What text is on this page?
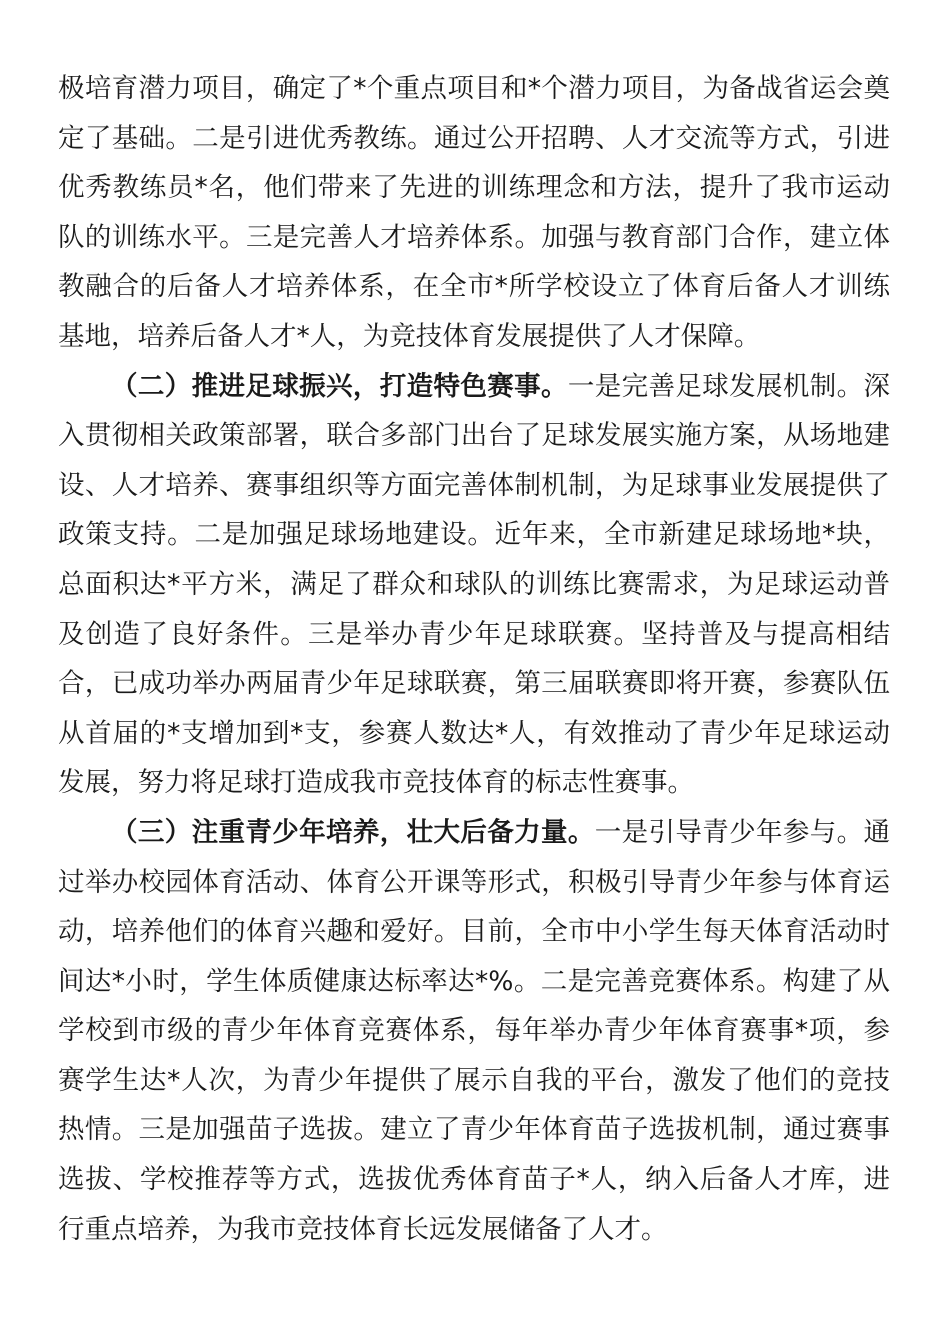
极培育潜力项目，确定了*个重点项目和*个潜力项目，为备战省运会奠定了基础。二是引进优秀教练。通过公开招聘、人才交流等方式，引进优秀教练员*名，他们带来了先进的训练理念和方法，提升了我市运动队的训练水平。三是完善人才培养体系。加强与教育部门合作，建立体教融合的后备人才培养体系，在全市*所学校设立了体育后备人才训练基地，培养后备人才*人，为竞技体育发展提供了人才保障。

（二）推进足球振兴，打造特色赛事。一是完善足球发展机制。深入贯彻相关政策部署，联合多部门出台了足球发展实施方案，从场地建设、人才培养、赛事组织等方面完善体制机制，为足球事业发展提供了政策支持。二是加强足球场地建设。近年来，全市新建足球场地*块，总面积达*平方米，满足了群众和球队的训练比赛需求，为足球运动普及创造了良好条件。三是举办青少年足球联赛。坚持普及与提高相结合，已成功举办两届青少年足球联赛，第三届联赛即将开赛，参赛队伍从首届的*支增加到*支，参赛人数达*人，有效推动了青少年足球运动发展，努力将足球打造成我市竞技体育的标志性赛事。

（三）注重青少年培养，壮大后备力量。一是引导青少年参与。通过举办校园体育活动、体育公开课等形式，积极引导青少年参与体育运动，培养他们的体育兴趣和爱好。目前，全市中小学生每天体育活动时间达*小时，学生体质健康达标率达*%。二是完善竞赛体系。构建了从学校到市级的青少年体育竞赛体系，每年举办青少年体育赛事*项，参赛学生达*人次，为青少年提供了展示自我的平台，激发了他们的竞技热情。三是加强苗子选拔。建立了青少年体育苗子选拔机制，通过赛事选拔、学校推荐等方式，选拔优秀体育苗子*人，纳入后备人才库，进行重点培养，为我市竞技体育长远发展储备了人才。
